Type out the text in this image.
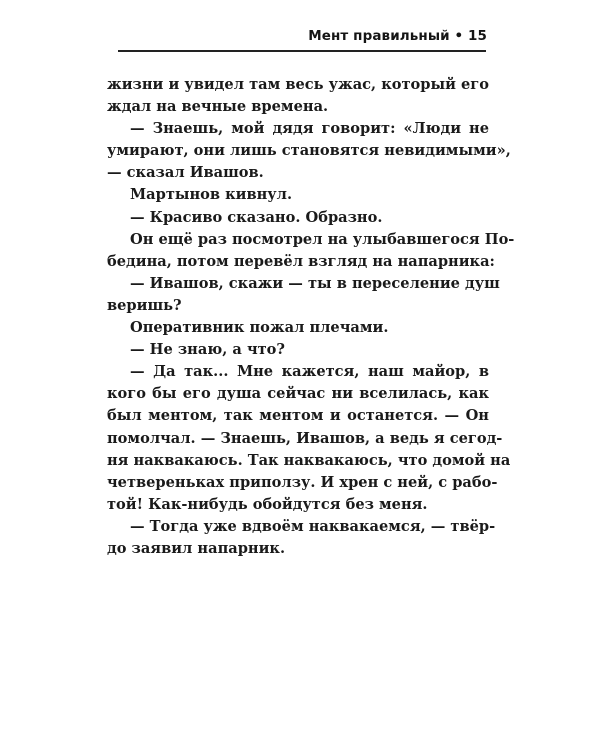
Мент правильный • 15
жизни и увидел там весь ужас, который его
ждал на вечные времена.
— Знаешь, мой дядя говорит: «Люди не
умирают, они лишь становятся невидимыми»,
— сказал Ивашов.
Мартынов кивнул.
— Красиво сказано. Образно.
Он ещё раз посмотрел на улыбавшегося По-
бедина, потом перевёл взгляд на напарника:
— Ивашов, скажи — ты в переселение душ
веришь?
Оперативник пожал плечами.
— Не знаю, а что?
— Да так... Мне кажется, наш майор, в
кого бы его душа сейчас ни вселилась, как
был ментом, так ментом и останется. — Он
помолчал. — Знаешь, Ивашов, а ведь я сегод-
ня наквакаюсь. Так наквакаюсь, что домой на
четвереньках приползу. И хрен с ней, с рабо-
той! Как-нибудь обойдутся без меня.
— Тогда уже вдвоём наквакаемся, — твёр-
до заявил напарник.
